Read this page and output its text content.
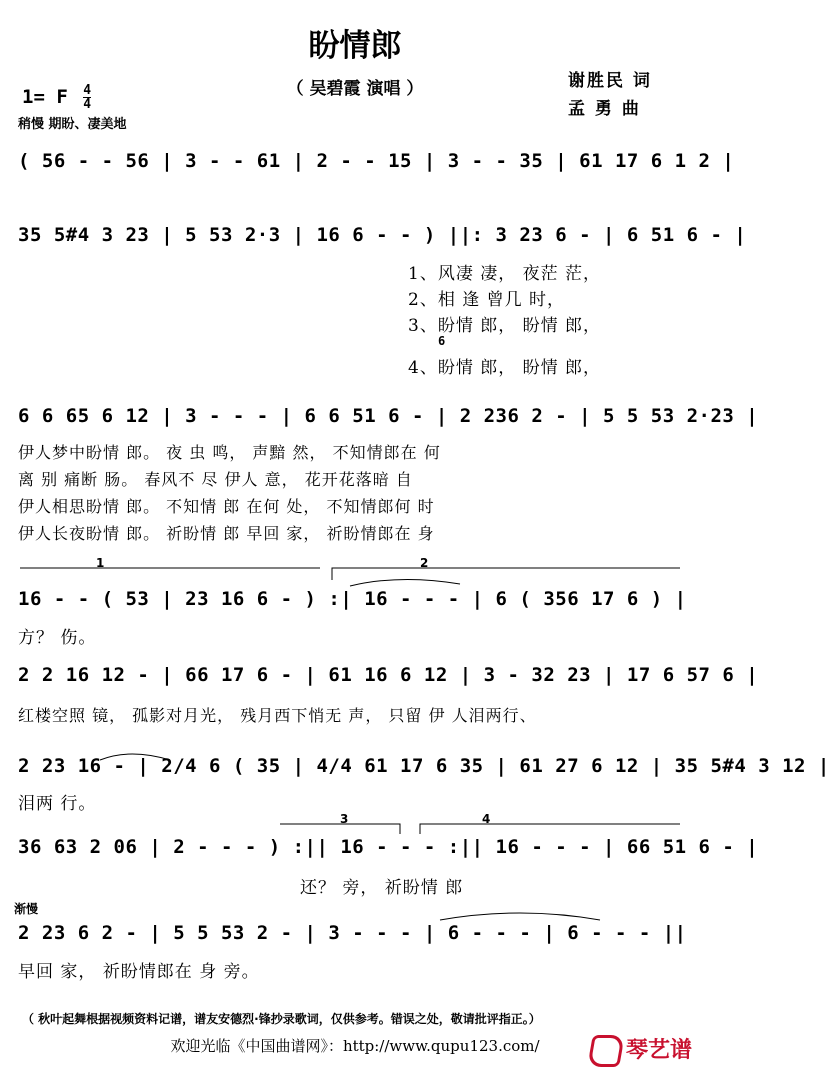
盼情郎
（ 吴碧霞 演唱 ）	谢胜民 词
孟 勇 曲
1= F $\frac{4}{4}$
稍慢 期盼、凄美地
( 56 - - 56 | 3 - - 61 | 2 - - 15 | 3 - - 35 | 61 17 6 1 2 |
35 5#4 3 23 | 5 53 2·3 | 16 6 - - ) ||: 3 23 6 - | 6 51 6 - |
1、风凄 凄， 夜茫 茫，
2、相 逢 曾几 时，
3、盼情 郎， 盼情 郎，
6
4、盼情 郎， 盼情 郎，
6 6 65 6 12 | 3 - - - | 6 6 51 6 - | 2 236 2 - | 5 5 53 2·23 |
伊人梦中盼情 郎。 夜 虫 鸣， 声黯 然， 不知情郎在 何
离 别 痛断 肠。 春风不 尽 伊人 意， 花开花落暗 自
伊人相思盼情 郎。 不知情 郎 在何 处， 不知情郎何 时
伊人长夜盼情 郎。 祈盼情 郎 早回 家， 祈盼情郎在 身
1	2
16 - - ( 53 | 23 16 6 - ) :| 16 - - - | 6 ( 356 17 6 ) |
方？ 伤。
2 2 16 12 - | 66 17 6 - | 61 16 6 12 | 3 - 32 23 | 17 6 57 6 |
红楼空照 镜， 孤影对月光， 残月西下悄无 声， 只留 伊 人泪两行、
2 23 16 - | 2/4 6 ( 35 | 4/4 61 17 6 35 | 61 27 6 12 | 35 5#4 3 12 |
泪两 行。
3	4
36 63 2 06 | 2 - - - ) :|| 16 - - - :|| 16 - - - | 66 51 6 - |
还？ 旁， 祈盼情 郎
渐慢
2 23 6 2 - | 5 5 53 2 - | 3 - - - | 6 - - - | 6 - - - ||
早回 家， 祈盼情郎在 身 旁。
（ 秋叶起舞根据视频资料记谱，谱友安德烈·锋抄录歌词，仅供参考。错误之处，敬请批评指正。）
欢迎光临《中国曲谱网》：http://www.qupu123.com/	琴艺谱
